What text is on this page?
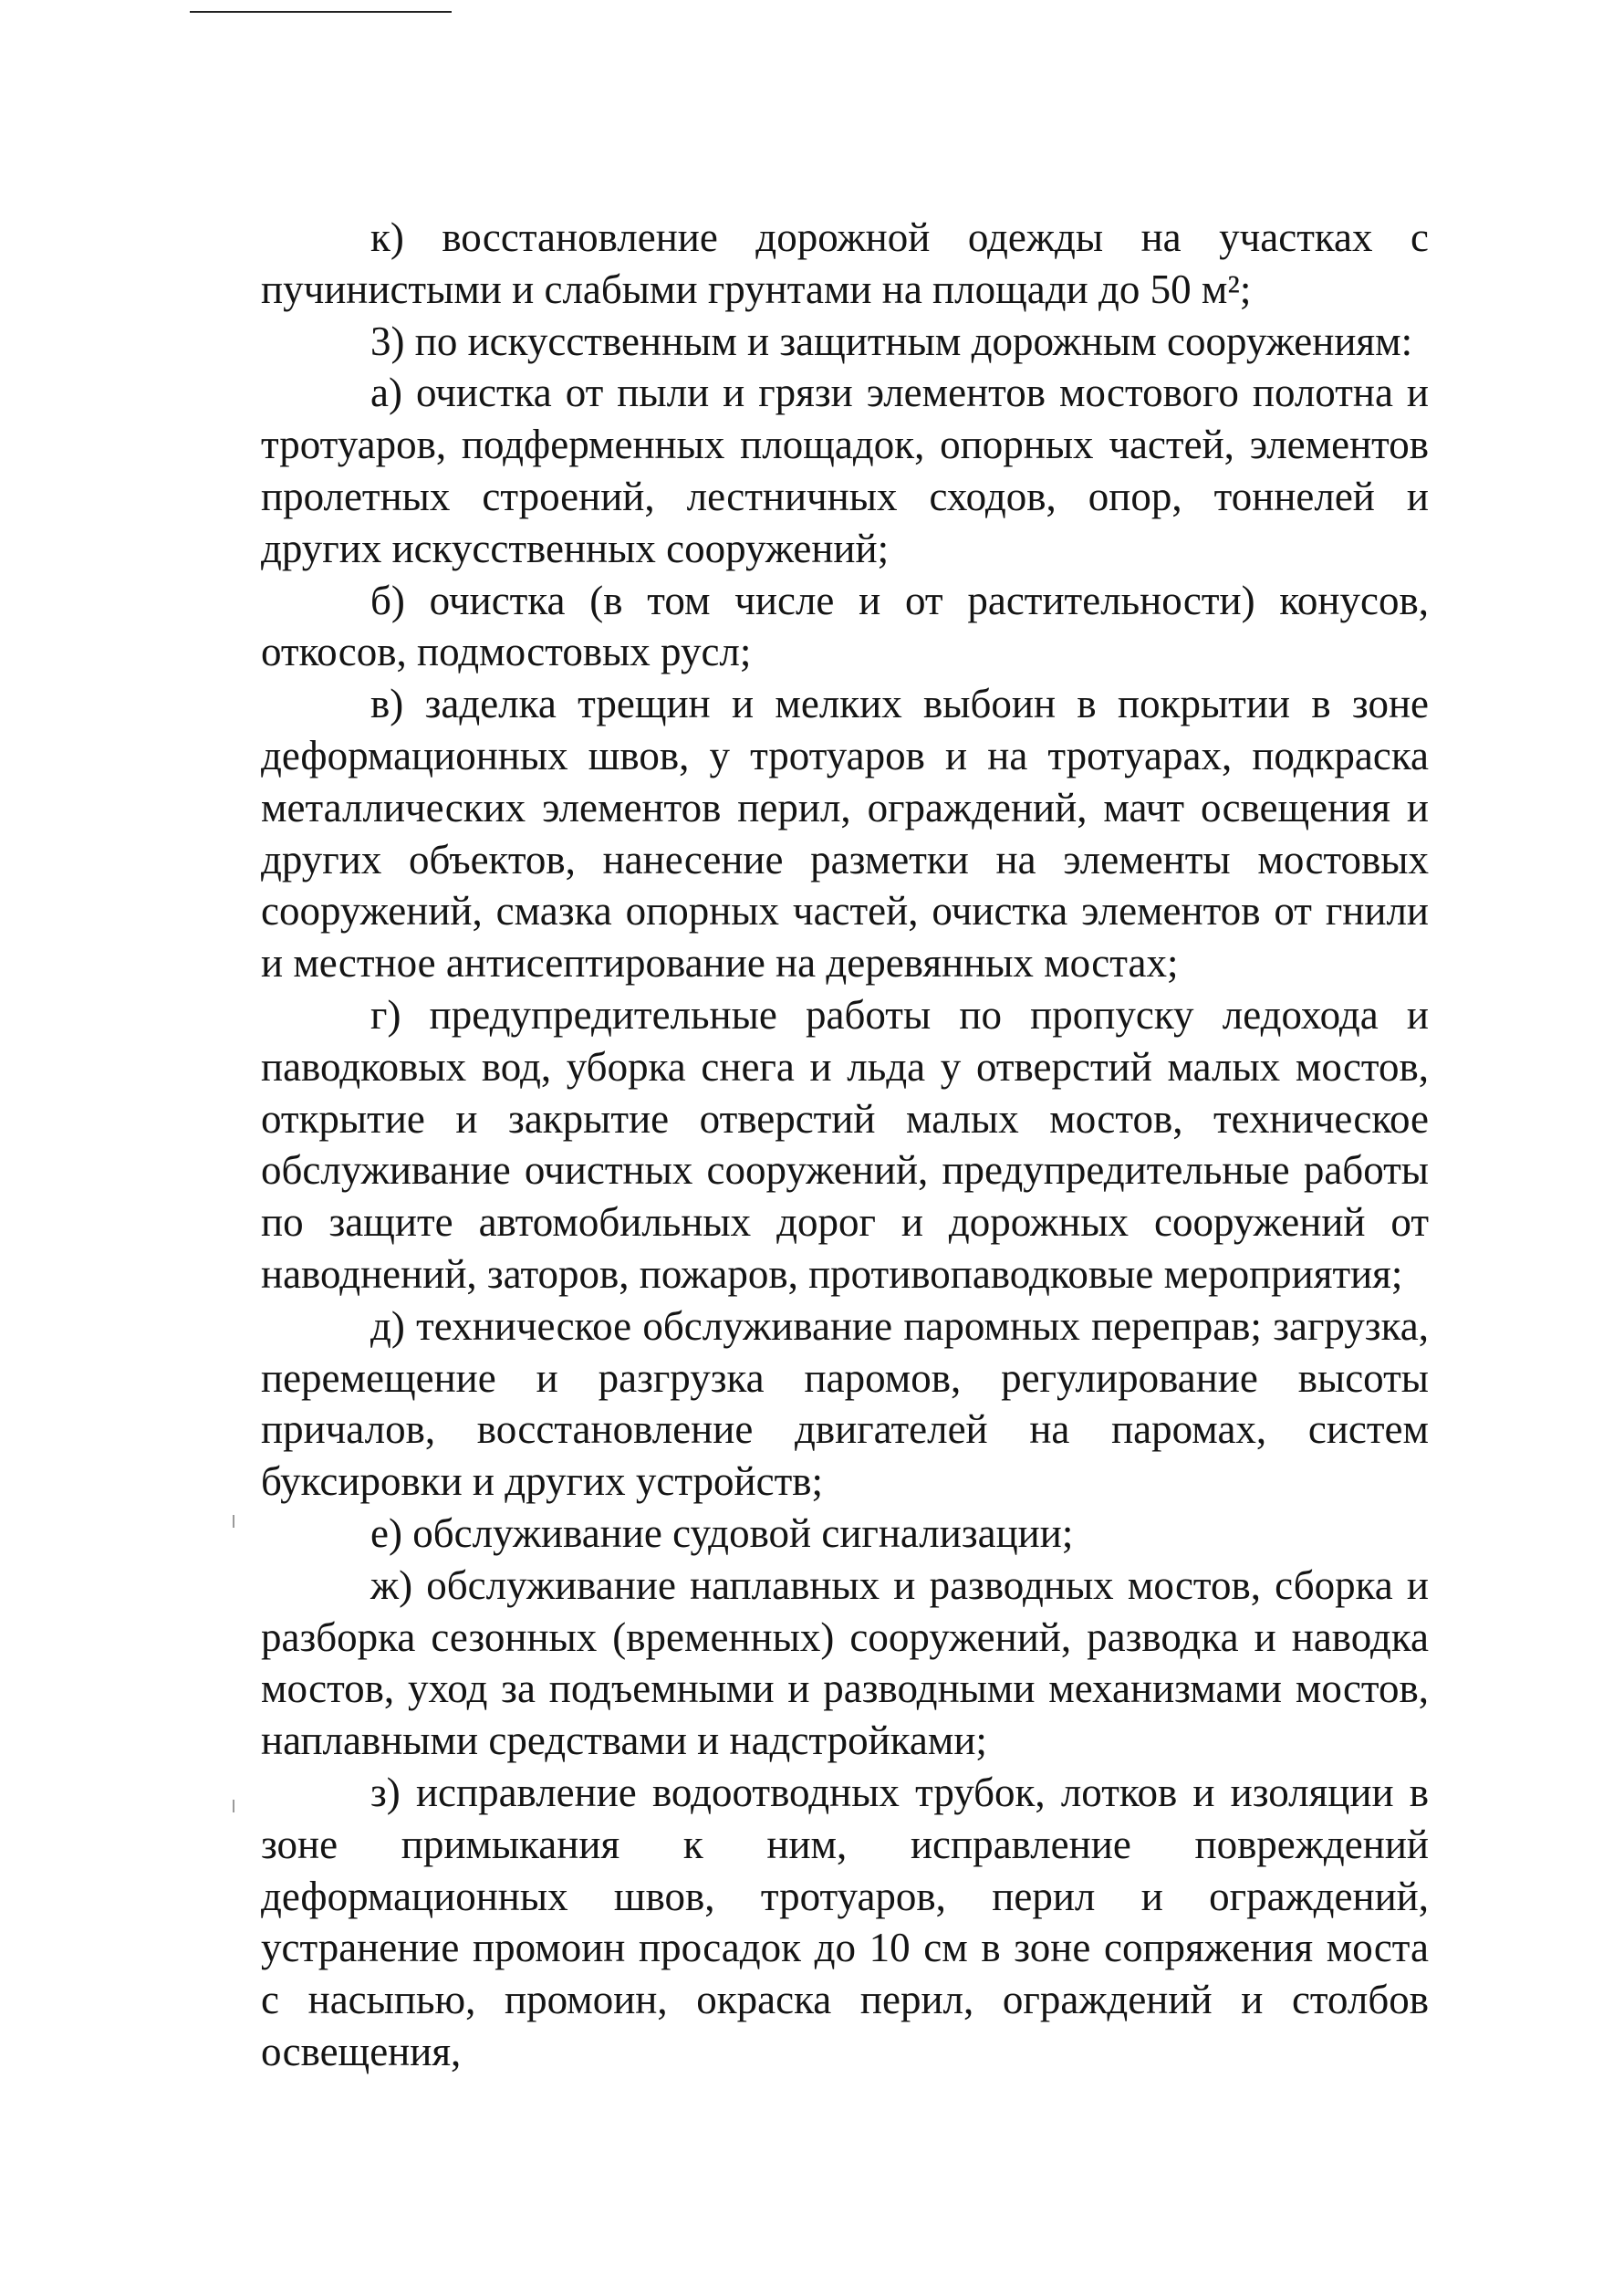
к) восстановление дорожной одежды на участках с пучинистыми и слабыми грунтами на площади до 50 м²;

3) по искусственным и защитным дорожным сооружениям:

а) очистка от пыли и грязи элементов мостового полотна и тротуаров, подферменных площадок, опорных частей, элементов пролетных строений, лестничных сходов, опор, тоннелей и других искусственных сооружений;

б) очистка (в том числе и от растительности) конусов, откосов, подмостовых русл;

в) заделка трещин и мелких выбоин в покрытии в зоне деформационных швов, у тротуаров и на тротуарах, подкраска металлических элементов перил, ограждений, мачт освещения и других объектов, нанесение разметки на элементы мостовых сооружений, смазка опорных частей, очистка элементов от гнили и местное антисептирование на деревянных мостах;

г) предупредительные работы по пропуску ледохода и паводковых вод, уборка снега и льда у отверстий малых мостов, открытие и закрытие отверстий малых мостов, техническое обслуживание очистных сооружений, предупредительные работы по защите автомобильных дорог и дорожных сооружений от наводнений, заторов, пожаров, противопаводковые мероприятия;

д) техническое обслуживание паромных переправ; загрузка, перемещение и разгрузка паромов, регулирование высоты причалов, восстановление двигателей на паромах, систем буксировки и других устройств;

е) обслуживание судовой сигнализации;

ж) обслуживание наплавных и разводных мостов, сборка и разборка сезонных (временных) сооружений, разводка и наводка мостов, уход за подъемными и разводными механизмами мостов, наплавными средствами и надстройками;

з) исправление водоотводных трубок, лотков и изоляции в зоне примыкания к ним, исправление повреждений деформационных швов, тротуаров, перил и ограждений, устранение промоин просадок до 10 см в зоне сопряжения моста с насыпью, промоин, окраска перил, ограждений и столбов освещения,
